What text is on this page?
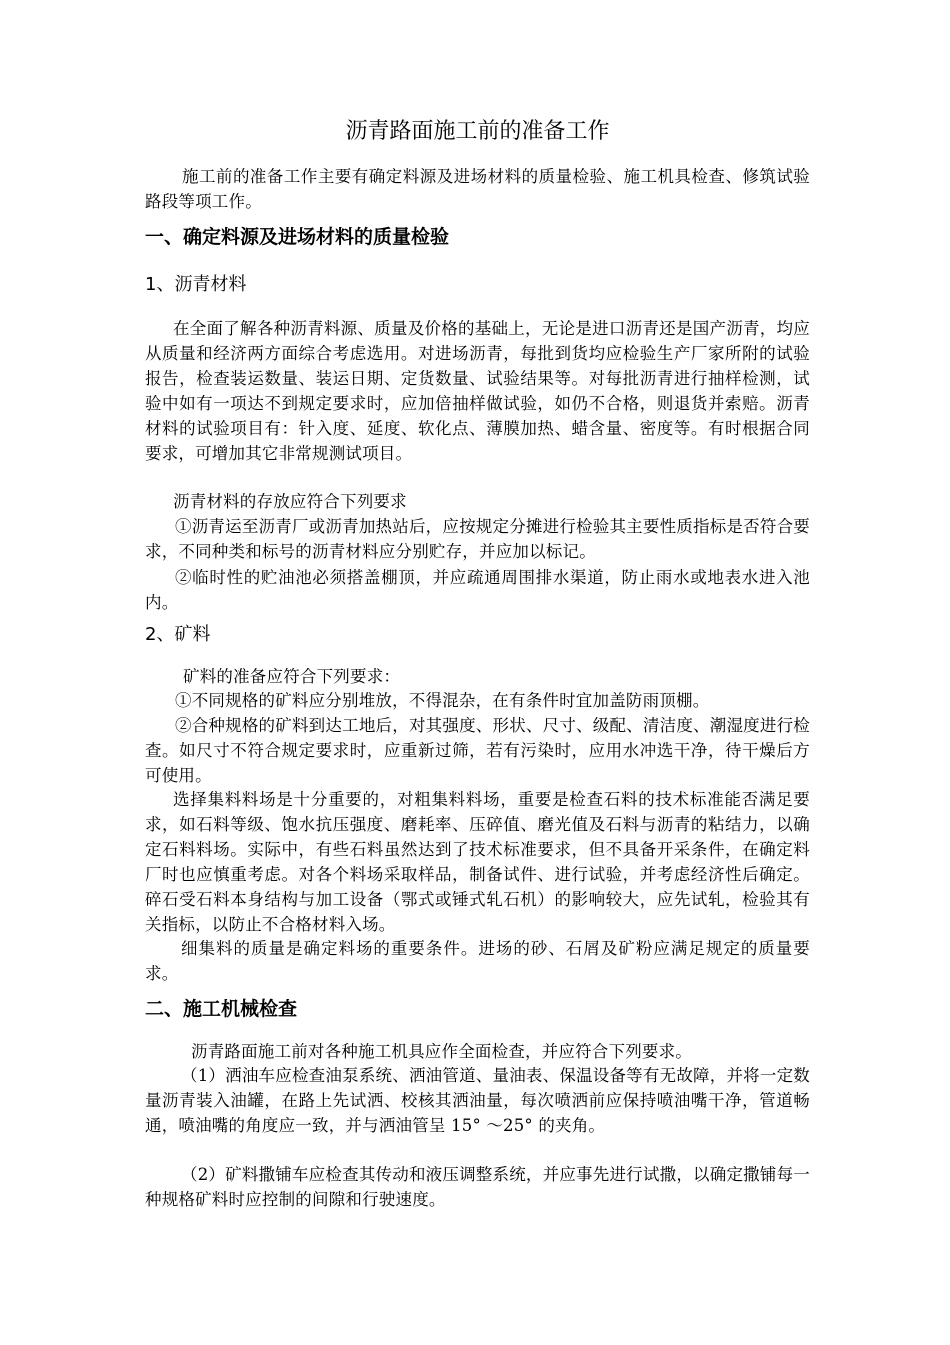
沥青路面施工前的准备工作

施工前的准备工作主要有确定料源及进场材料的质量检验、施工机具检查、修筑试验路段等项工作。

一、确定料源及进场材料的质量检验
1、沥青材料

在全面了解各种沥青料源、质量及价格的基础上，无论是进口沥青还是国产沥青，均应从质量和经济两方面综合考虑选用。对进场沥青，每批到货均应检验生产厂家所附的试验报告，检查装运数量、装运日期、定货数量、试验结果等。对每批沥青进行抽样检测，试验中如有一项达不到规定要求时，应加倍抽样做试验，如仍不合格，则退货并索赔。沥青材料的试验项目有：针入度、延度、软化点、薄膜加热、蜡含量、密度等。有时根据合同要求，可增加其它非常规测试项目。

沥青材料的存放应符合下列要求

①沥青运至沥青厂或沥青加热站后，应按规定分摊进行检验其主要性质指标是否符合要求，不同种类和标号的沥青材料应分别贮存，并应加以标记。

②临时性的贮油池必须搭盖棚顶，并应疏通周围排水渠道，防止雨水或地表水进入池内。

2、矿料

矿料的准备应符合下列要求：

①不同规格的矿料应分别堆放，不得混杂，在有条件时宜加盖防雨顶棚。

②合种规格的矿料到达工地后，对其强度、形状、尺寸、级配、清洁度、潮湿度进行检查。如尺寸不符合规定要求时，应重新过筛，若有污染时，应用水冲选干净，待干燥后方可使用。

选择集料料场是十分重要的，对粗集料料场，重要是检查石料的技术标准能否满足要求，如石料等级、饱水抗压强度、磨耗率、压碎值、磨光值及石料与沥青的粘结力，以确定石料料场。实际中，有些石料虽然达到了技术标准要求，但不具备开采条件，在确定料厂时也应慎重考虑。对各个料场采取样品，制备试件、进行试验，并考虑经济性后确定。碎石受石料本身结构与加工设备（鄂式或锤式轧石机）的影响较大，应先试轧，检验其有关指标，以防止不合格材料入场。

细集料的质量是确定料场的重要条件。进场的砂、石屑及矿粉应满足规定的质量要求。

二、施工机械检查

沥青路面施工前对各种施工机具应作全面检查，并应符合下列要求。

（1）洒油车应检查油泵系统、洒油管道、量油表、保温设备等有无故障，并将一定数量沥青装入油罐，在路上先试洒、校核其洒油量，每次喷洒前应保持喷油嘴干净，管道畅通，喷油嘴的角度应一致，并与洒油管呈 15° ～25° 的夹角。

（2）矿料撒铺车应检查其传动和液压调整系统，并应事先进行试撒，以确定撒铺每一种规格矿料时应控制的间隙和行驶速度。
